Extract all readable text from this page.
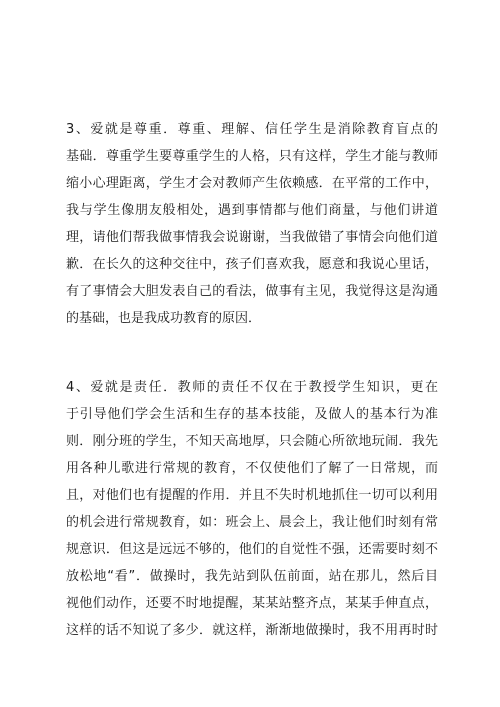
3、爱就是尊重．尊重、理解、信任学生是消除教育盲点的
基础．尊重学生要尊重学生的人格，只有这样，学生才能与教师
缩小心理距离，学生才会对教师产生依赖感．在平常的工作中，
我与学生像朋友般相处，遇到事情都与他们商量，与他们讲道
理，请他们帮我做事情我会说谢谢，当我做错了事情会向他们道
歉．在长久的这种交往中，孩子们喜欢我，愿意和我说心里话，
有了事情会大胆发表自己的看法，做事有主见，我觉得这是沟通
的基础，也是我成功教育的原因．
4、爱就是责任．教师的责任不仅在于教授学生知识，更在
于引导他们学会生活和生存的基本技能，及做人的基本行为准
则．刚分班的学生，不知天高地厚，只会随心所欲地玩闹．我先
用各种儿歌进行常规的教育，不仅使他们了解了一日常规，而
且，对他们也有提醒的作用．并且不失时机地抓住一切可以利用
的机会进行常规教育，如：班会上、晨会上，我让他们时刻有常
规意识．但这是远远不够的，他们的自觉性不强，还需要时刻不
放松地“看”．做操时，我先站到队伍前面，站在那儿，然后目
视他们动作，还要不时地提醒，某某站整齐点，某某手伸直点，
这样的话不知说了多少．就这样，渐渐地做操时，我不用再时时
